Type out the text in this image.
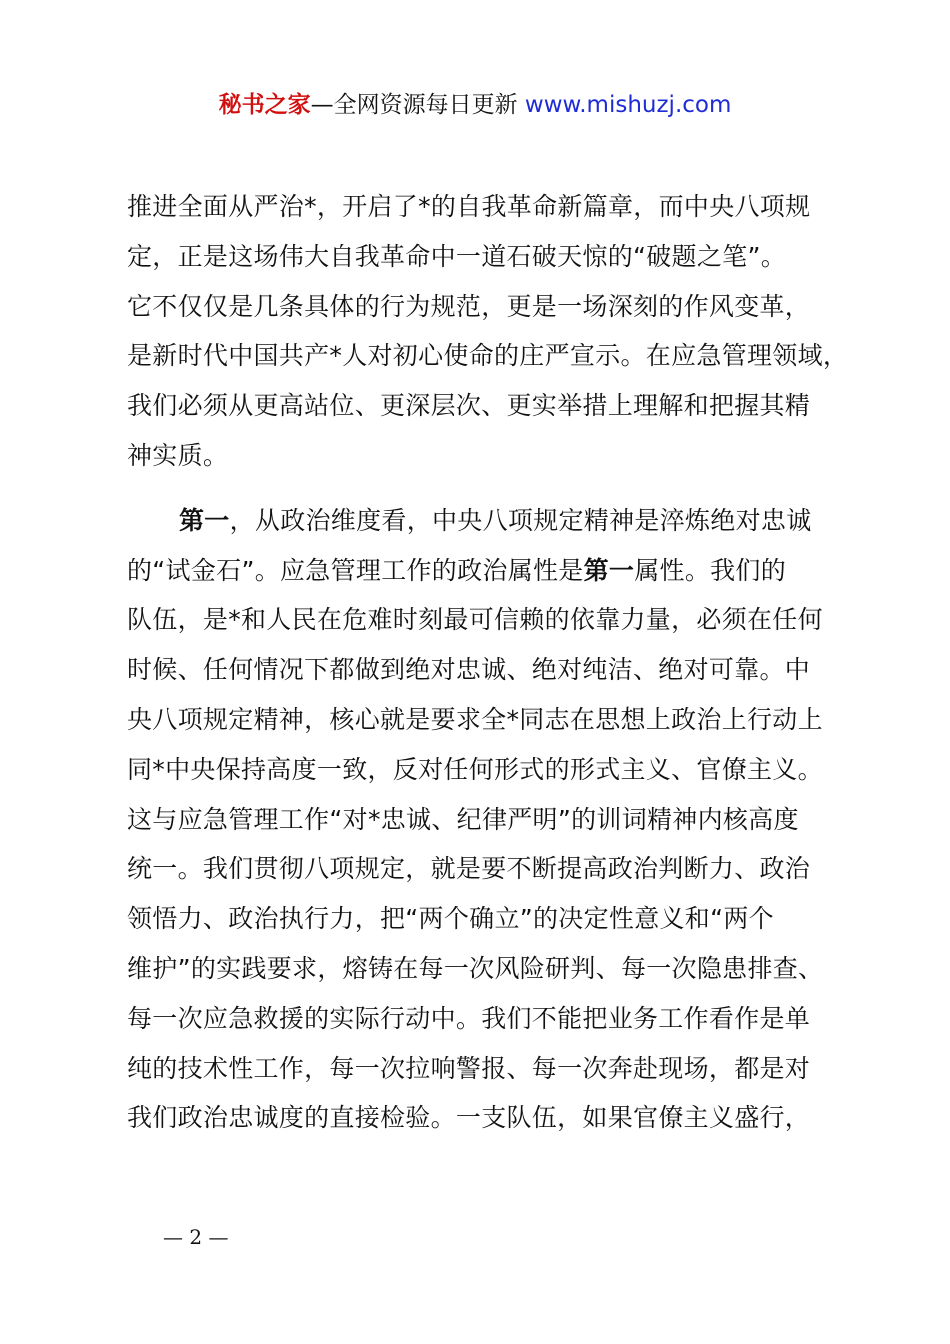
秘书之家—全网资源每日更新 www.mishuzj.com
推进全面从严治*，开启了*的自我革命新篇章，而中央八项规
定，正是这场伟大自我革命中一道石破天惊的“破题之笔”。
它不仅仅是几条具体的行为规范，更是一场深刻的作风变革，
是新时代中国共产*人对初心使命的庄严宣示。在应急管理领域，
我们必须从更高站位、更深层次、更实举措上理解和把握其精
神实质。
第一，从政治维度看，中央八项规定精神是淬炼绝对忠诚
的“试金石”。应急管理工作的政治属性是第一属性。我们的
队伍，是*和人民在危难时刻最可信赖的依靠力量，必须在任何
时候、任何情况下都做到绝对忠诚、绝对纯洁、绝对可靠。中
央八项规定精神，核心就是要求全*同志在思想上政治上行动上
同*中央保持高度一致，反对任何形式的形式主义、官僚主义。
这与应急管理工作“对*忠诚、纪律严明”的训词精神内核高度
统一。我们贯彻八项规定，就是要不断提高政治判断力、政治
领悟力、政治执行力，把“两个确立”的决定性意义和“两个
维护”的实践要求，熔铸在每一次风险研判、每一次隐患排查、
每一次应急救援的实际行动中。我们不能把业务工作看作是单
纯的技术性工作，每一次拉响警报、每一次奔赴现场，都是对
我们政治忠诚度的直接检验。一支队伍，如果官僚主义盛行，
— 2 —
